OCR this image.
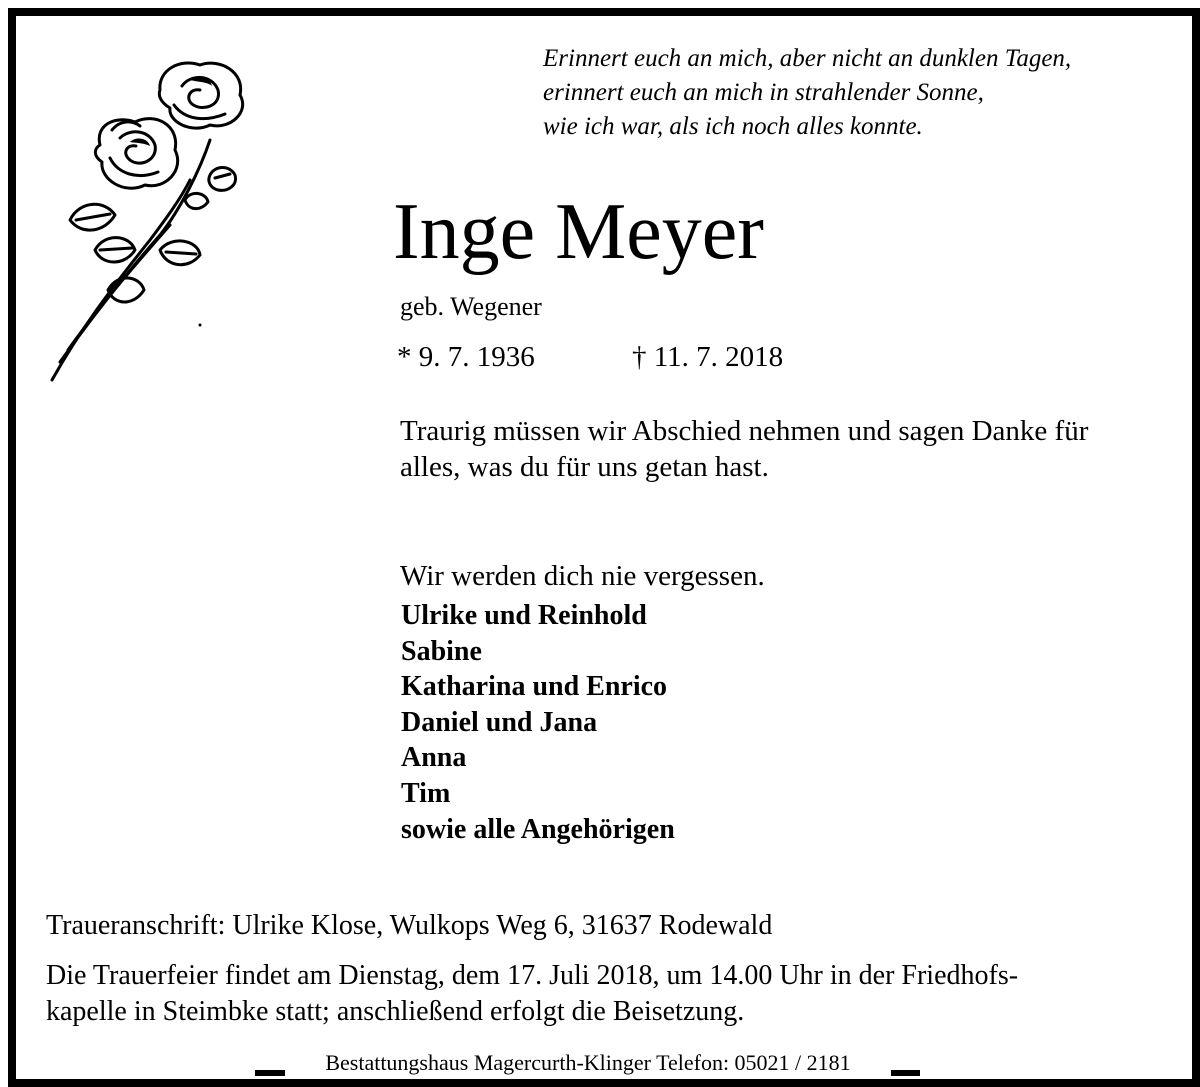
Erinnert euch an mich, aber nicht an dunklen Tagen,
erinnert euch an mich in strahlender Sonne,
wie ich war, als ich noch alles konnte.
Inge Meyer
geb. Wegener
* 9. 7. 1936	† 11. 7. 2018
Traurig müssen wir Abschied nehmen und sagen Danke für
alles, was du für uns getan hast.
Wir werden dich nie vergessen.
Ulrike und Reinhold
Sabine
Katharina und Enrico
Daniel und Jana
Anna
Tim
sowie alle Angehörigen
Traueranschrift: Ulrike Klose, Wulkops Weg 6, 31637 Rodewald
Die Trauerfeier findet am Dienstag, dem 17. Juli 2018, um 14.00 Uhr in der Friedhofs-
kapelle in Steimbke statt; anschließend erfolgt die Beisetzung.
Bestattungshaus Magercurth-Klinger Telefon: 05021 / 2181
